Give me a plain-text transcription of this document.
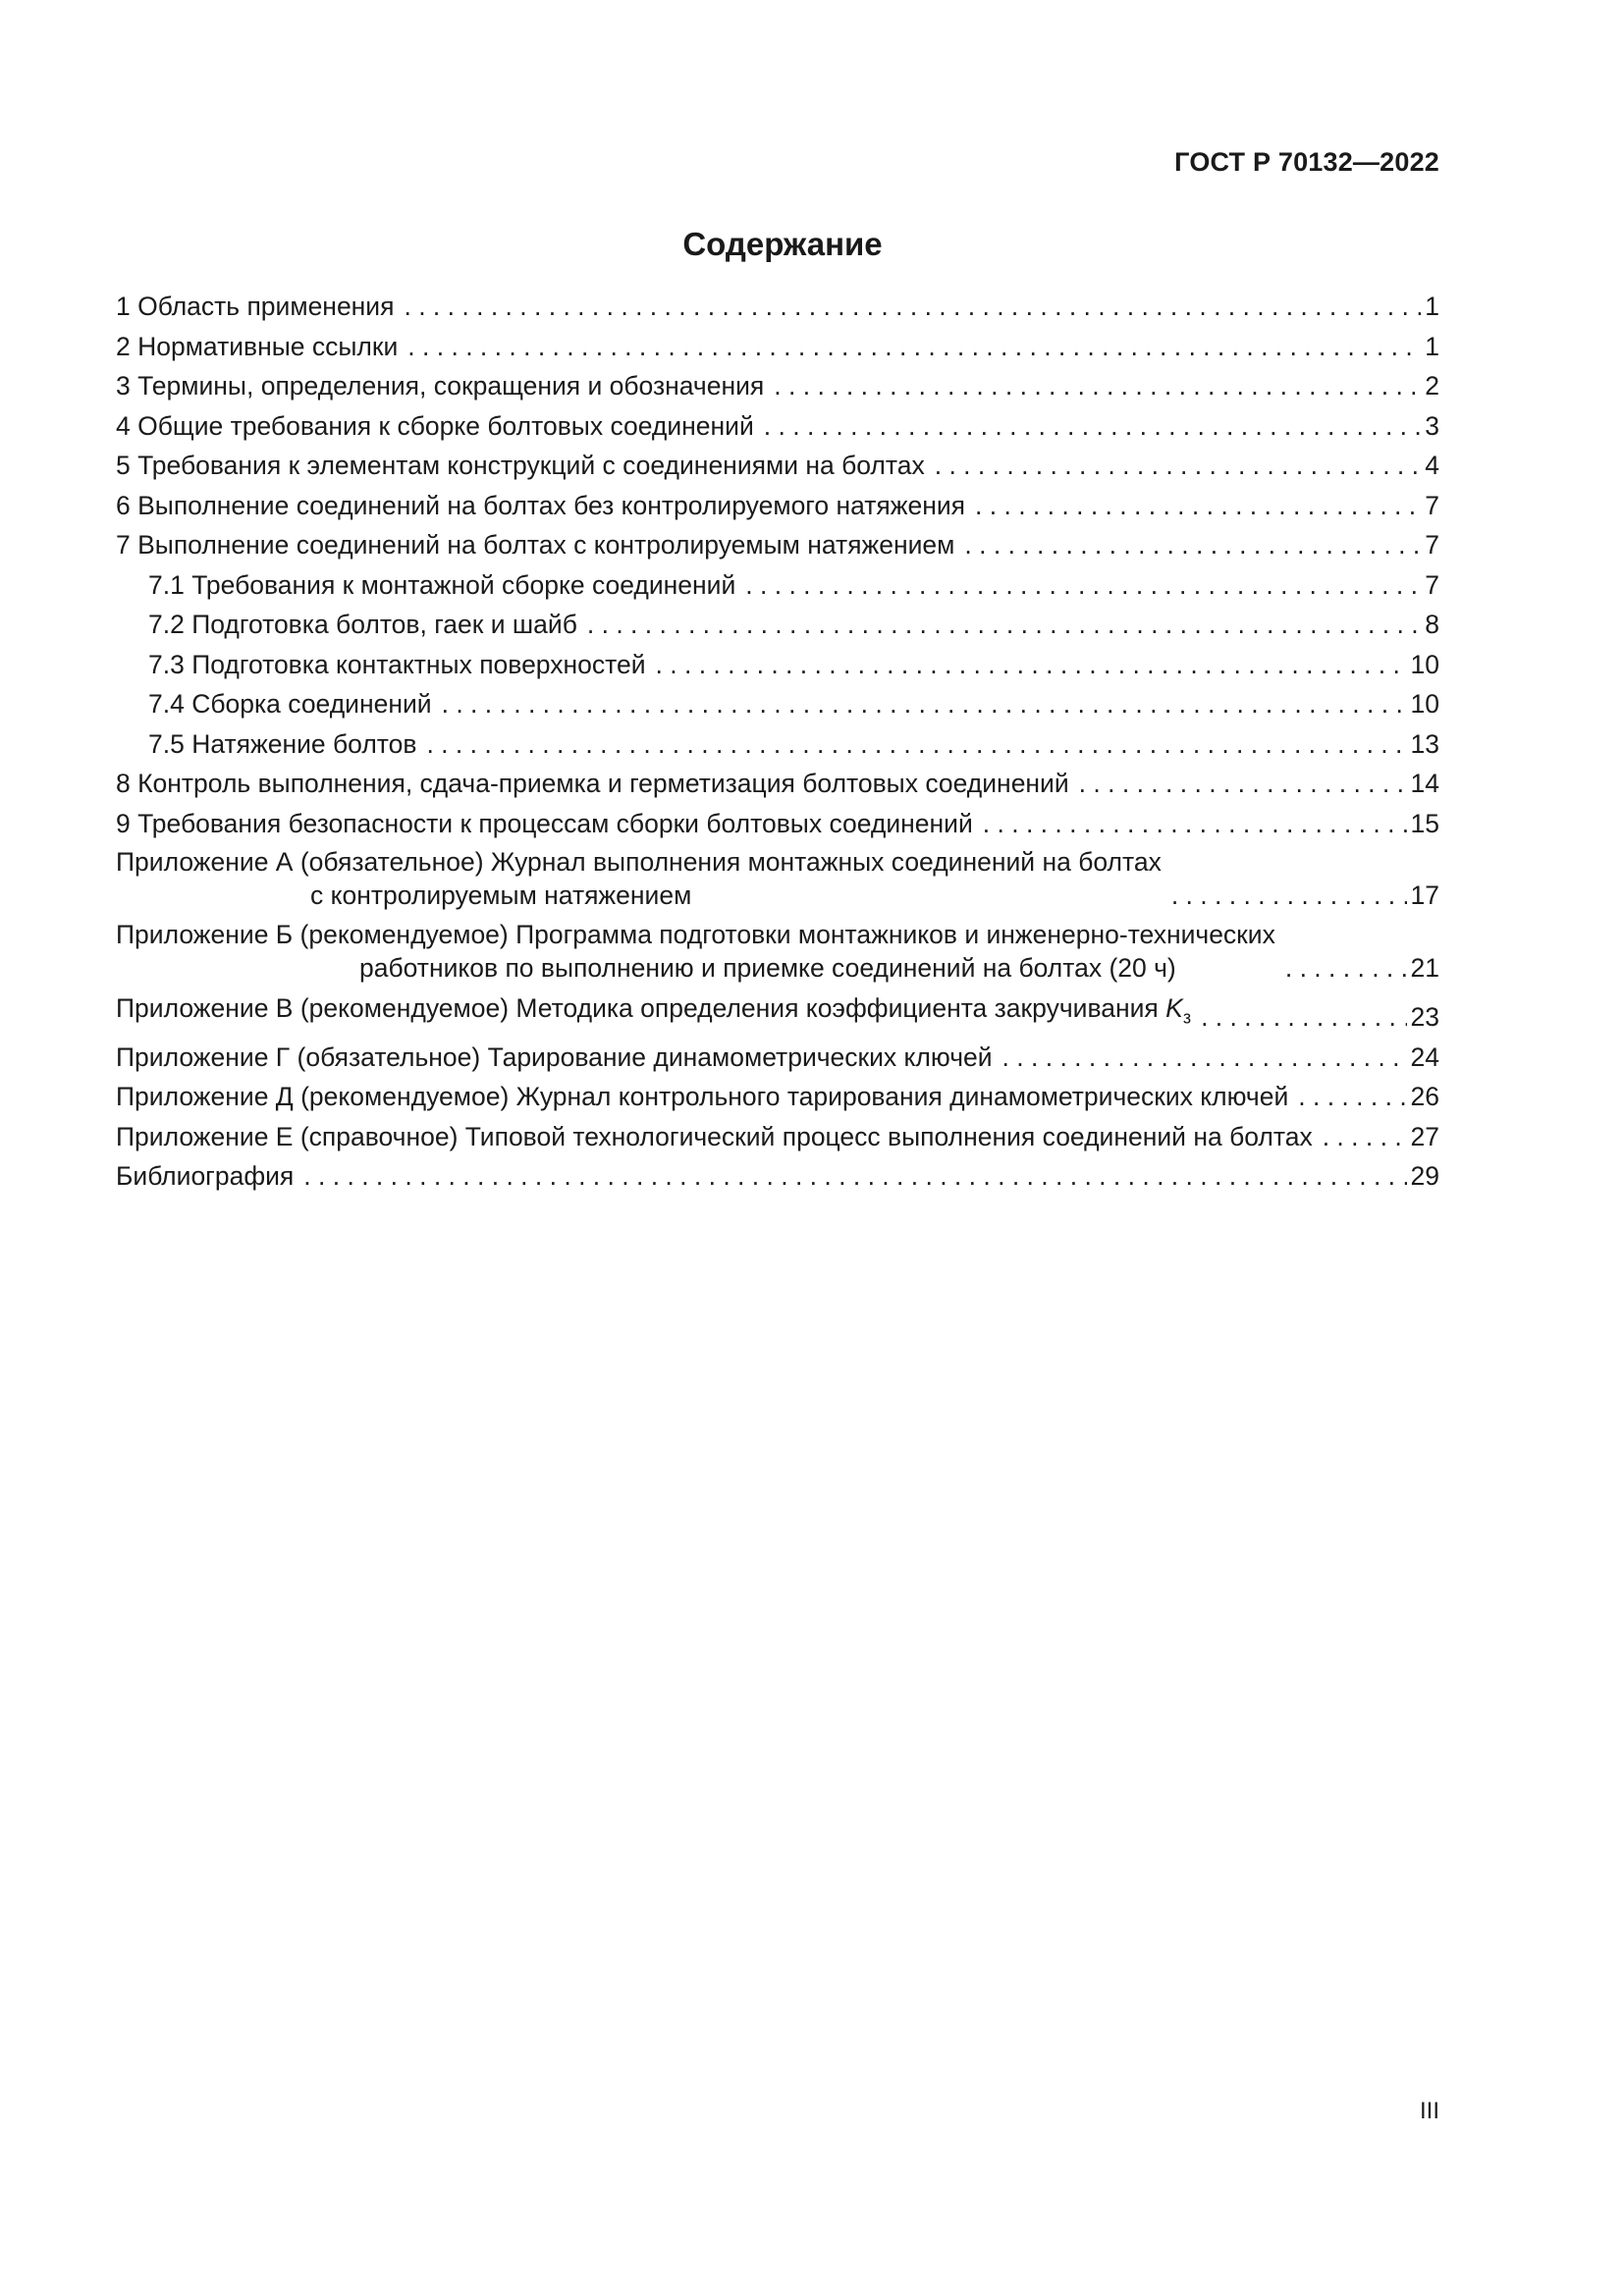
ГОСТ Р 70132—2022
Содержание
1 Область применения . . .	1
2 Нормативные ссылки . . .	1
3 Термины, определения, сокращения и обозначения . . .	2
4 Общие требования к сборке болтовых соединений . . .	3
5 Требования к элементам конструкций с соединениями на болтах . . .	4
6 Выполнение соединений на болтах без контролируемого натяжения . . .	7
7 Выполнение соединений на болтах с контролируемым натяжением . . .	7
7.1 Требования к монтажной сборке соединений . . .	7
7.2 Подготовка болтов, гаек и шайб . . .	8
7.3 Подготовка контактных поверхностей . . .	10
7.4 Сборка соединений . . .	10
7.5 Натяжение болтов . . .	13
8 Контроль выполнения, сдача-приемка и герметизация болтовых соединений . . .	14
9 Требования безопасности к процессам сборки болтовых соединений . . .	15
Приложение А (обязательное) Журнал выполнения монтажных соединений на болтах
с контролируемым натяжением . . .	17
Приложение Б (рекомендуемое) Программа подготовки монтажников и инженерно-технических
работников по выполнению и приемке соединений на болтах (20 ч) . . .	21
Приложение В (рекомендуемое) Методика определения коэффициента закручивания $K_з$ . . .	23
Приложение Г (обязательное) Тарирование динамометрических ключей . . .	24
Приложение Д (рекомендуемое) Журнал контрольного тарирования динамометрических ключей . . .	26
Приложение Е (справочное) Типовой технологический процесс выполнения соединений на болтах . . .	27
Библиография . . .	29
III
